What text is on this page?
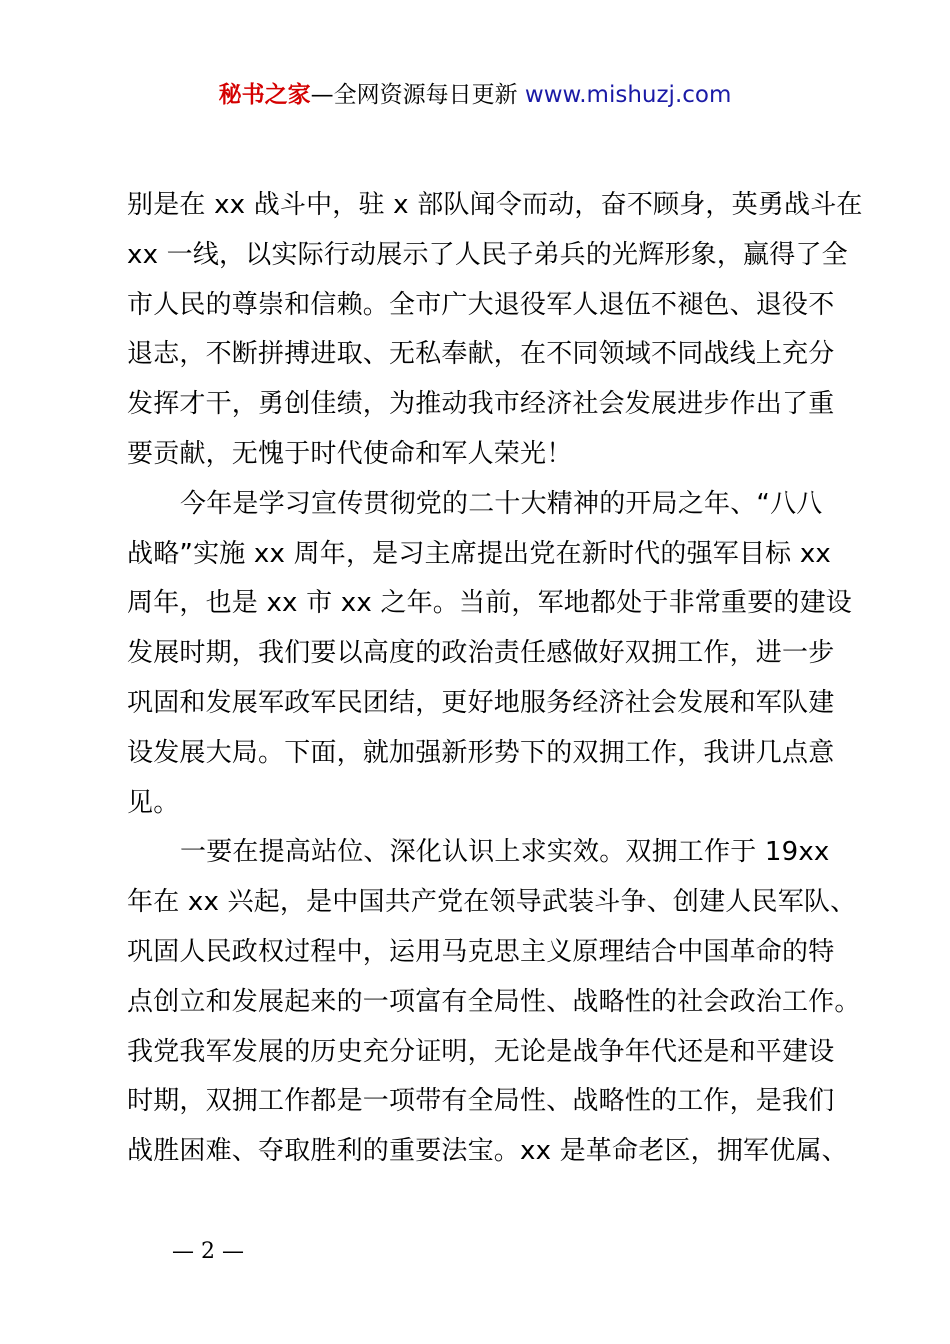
秘书之家—全网资源每日更新 www.mishuzj.com
别是在 xx 战斗中，驻 x 部队闻令而动，奋不顾身，英勇战斗在
xx 一线，以实际行动展示了人民子弟兵的光辉形象，赢得了全
市人民的尊崇和信赖。全市广大退役军人退伍不褪色、退役不
退志，不断拼搏进取、无私奉献，在不同领域不同战线上充分
发挥才干，勇创佳绩，为推动我市经济社会发展进步作出了重
要贡献，无愧于时代使命和军人荣光！
今年是学习宣传贯彻党的二十大精神的开局之年、“八八
战略”实施 xx 周年，是习主席提出党在新时代的强军目标 xx
周年，也是 xx 市 xx 之年。当前，军地都处于非常重要的建设
发展时期，我们要以高度的政治责任感做好双拥工作，进一步
巩固和发展军政军民团结，更好地服务经济社会发展和军队建
设发展大局。下面，就加强新形势下的双拥工作，我讲几点意
见。
一要在提高站位、深化认识上求实效。双拥工作于 19xx
年在 xx 兴起，是中国共产党在领导武装斗争、创建人民军队、
巩固人民政权过程中，运用马克思主义原理结合中国革命的特
点创立和发展起来的一项富有全局性、战略性的社会政治工作。
我党我军发展的历史充分证明，无论是战争年代还是和平建设
时期，双拥工作都是一项带有全局性、战略性的工作，是我们
战胜困难、夺取胜利的重要法宝。xx 是革命老区，拥军优属、
— 2 —
